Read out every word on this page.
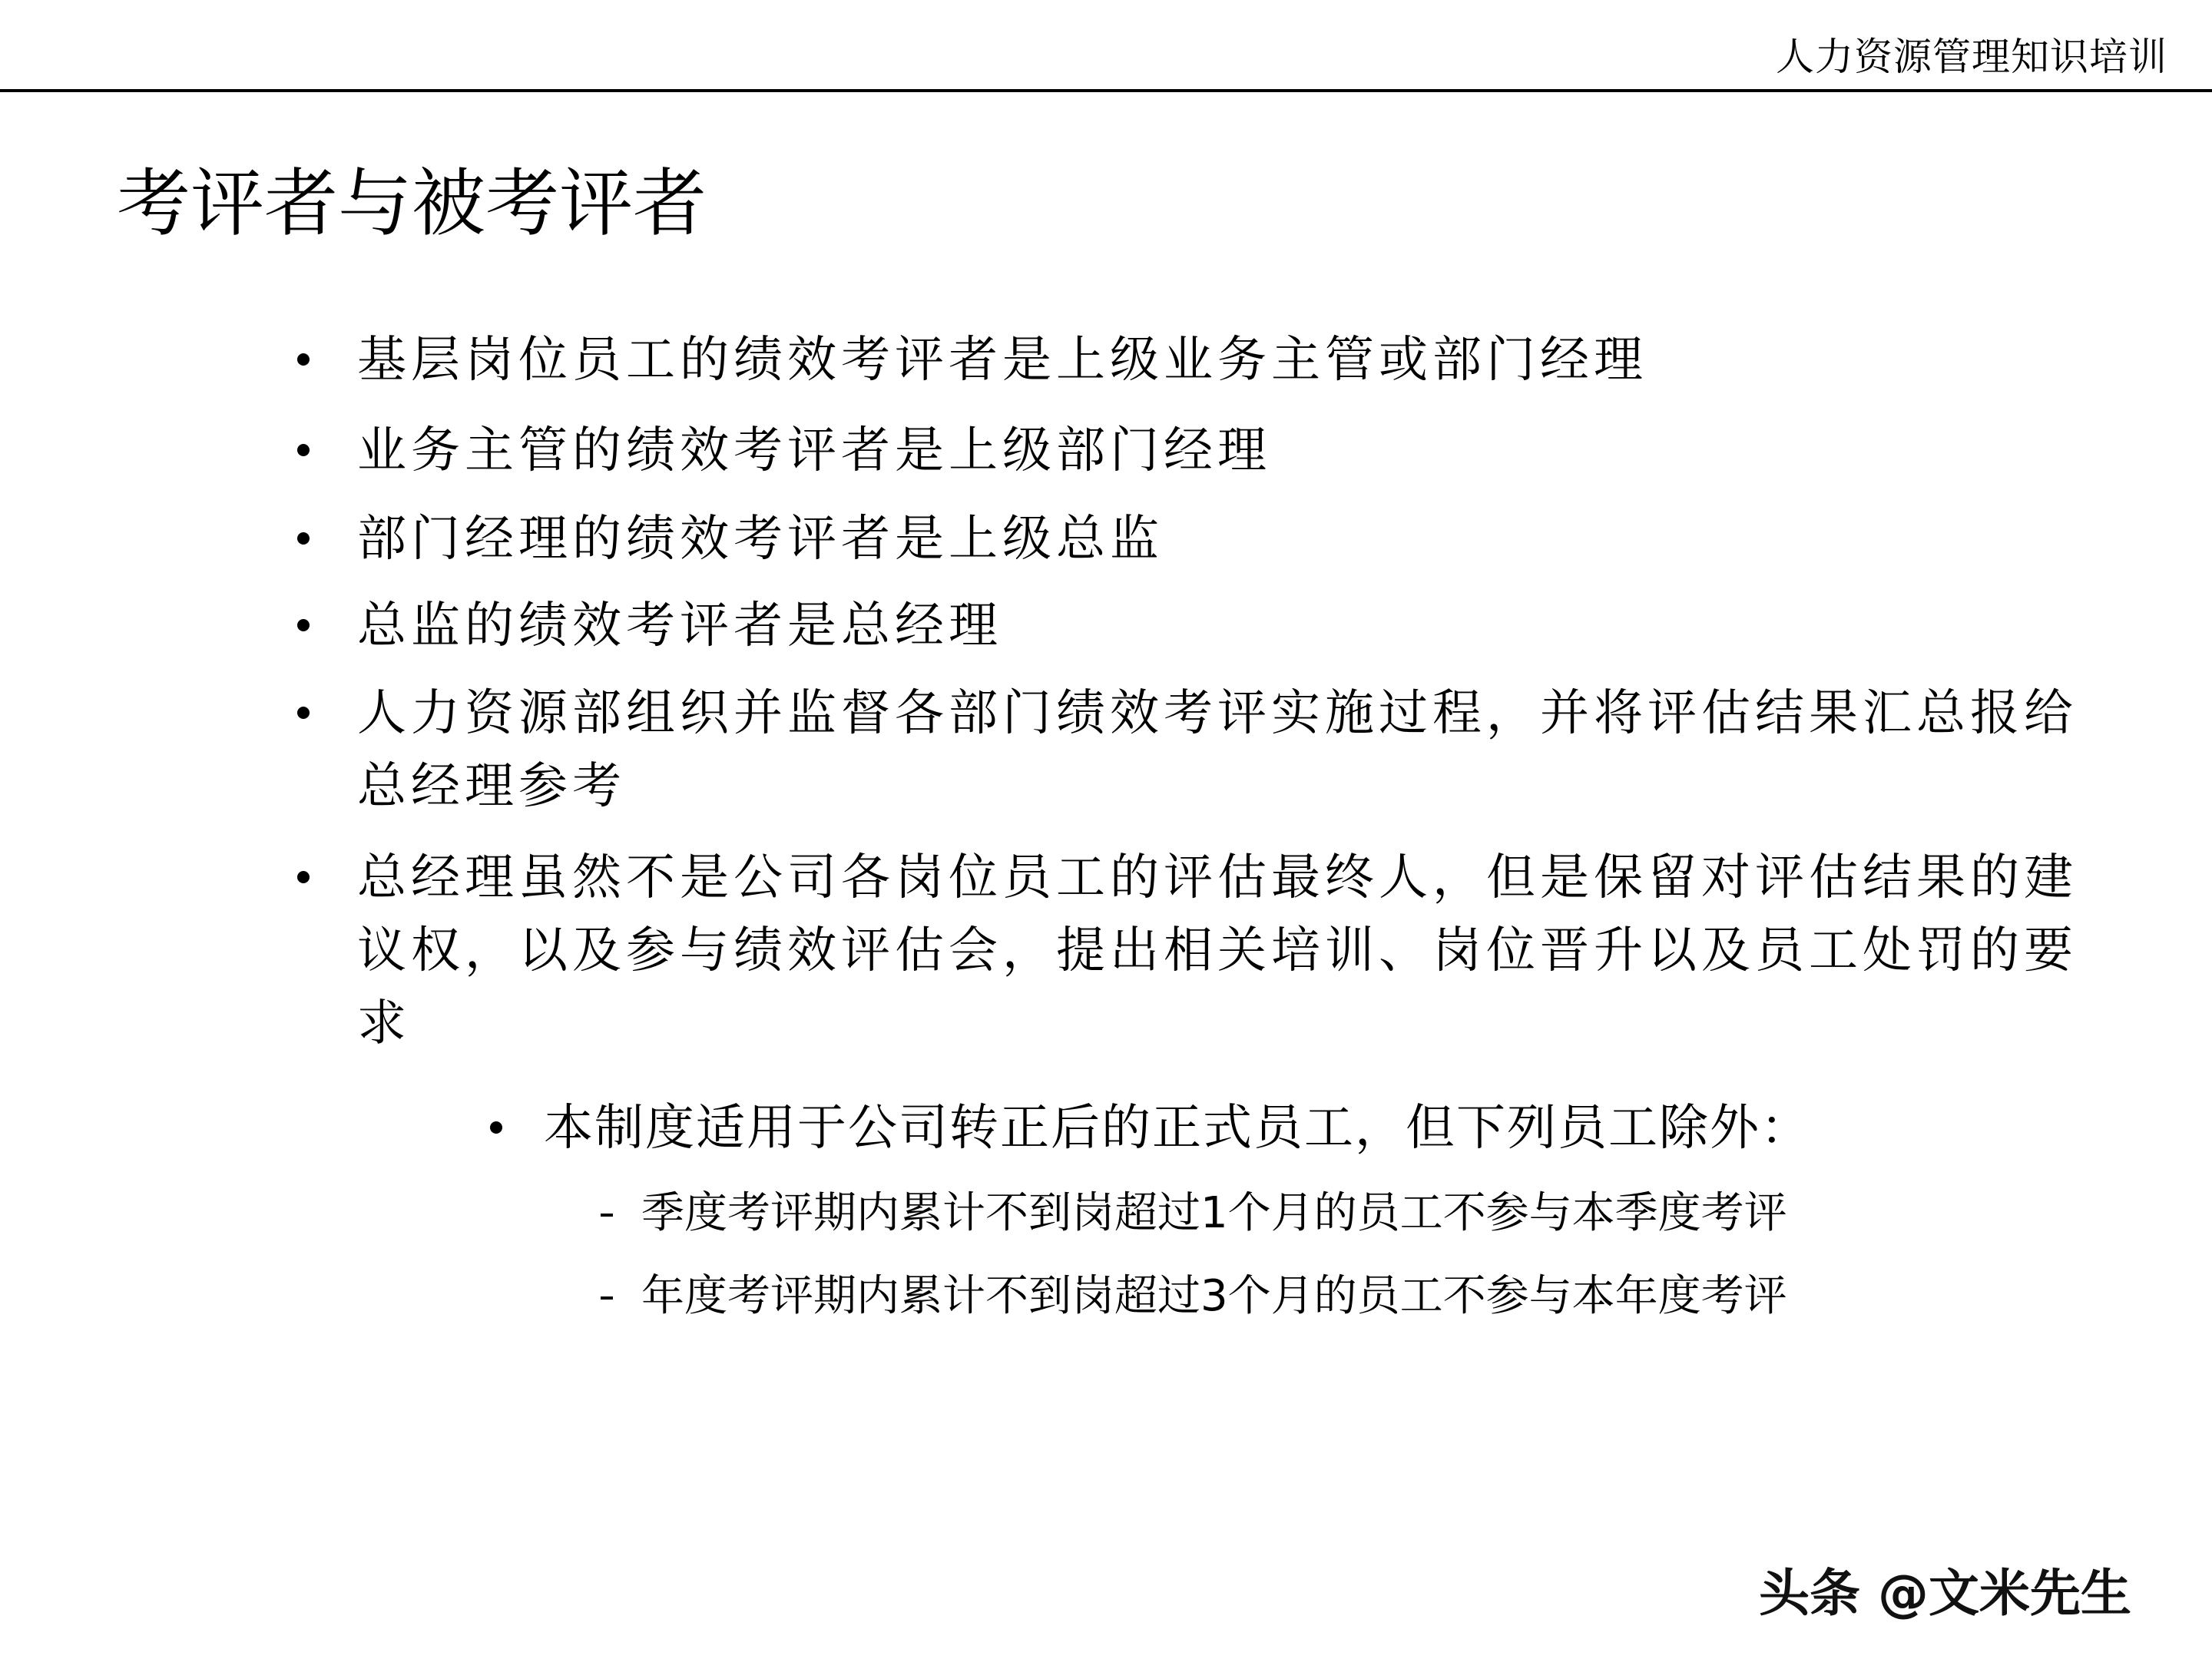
人力资源管理知识培训
考评者与被考评者
基层岗位员工的绩效考评者是上级业务主管或部门经理
业务主管的绩效考评者是上级部门经理
部门经理的绩效考评者是上级总监
总监的绩效考评者是总经理
人力资源部组织并监督各部门绩效考评实施过程，并将评估结果汇总报给总经理参考
总经理虽然不是公司各岗位员工的评估最终人，但是保留对评估结果的建议权，以及参与绩效评估会，提出相关培训、岗位晋升以及员工处罚的要求
本制度适用于公司转正后的正式员工，但下列员工除外：
季度考评期内累计不到岗超过1个月的员工不参与本季度考评
年度考评期内累计不到岗超过3个月的员工不参与本年度考评
头条 @文米先生
